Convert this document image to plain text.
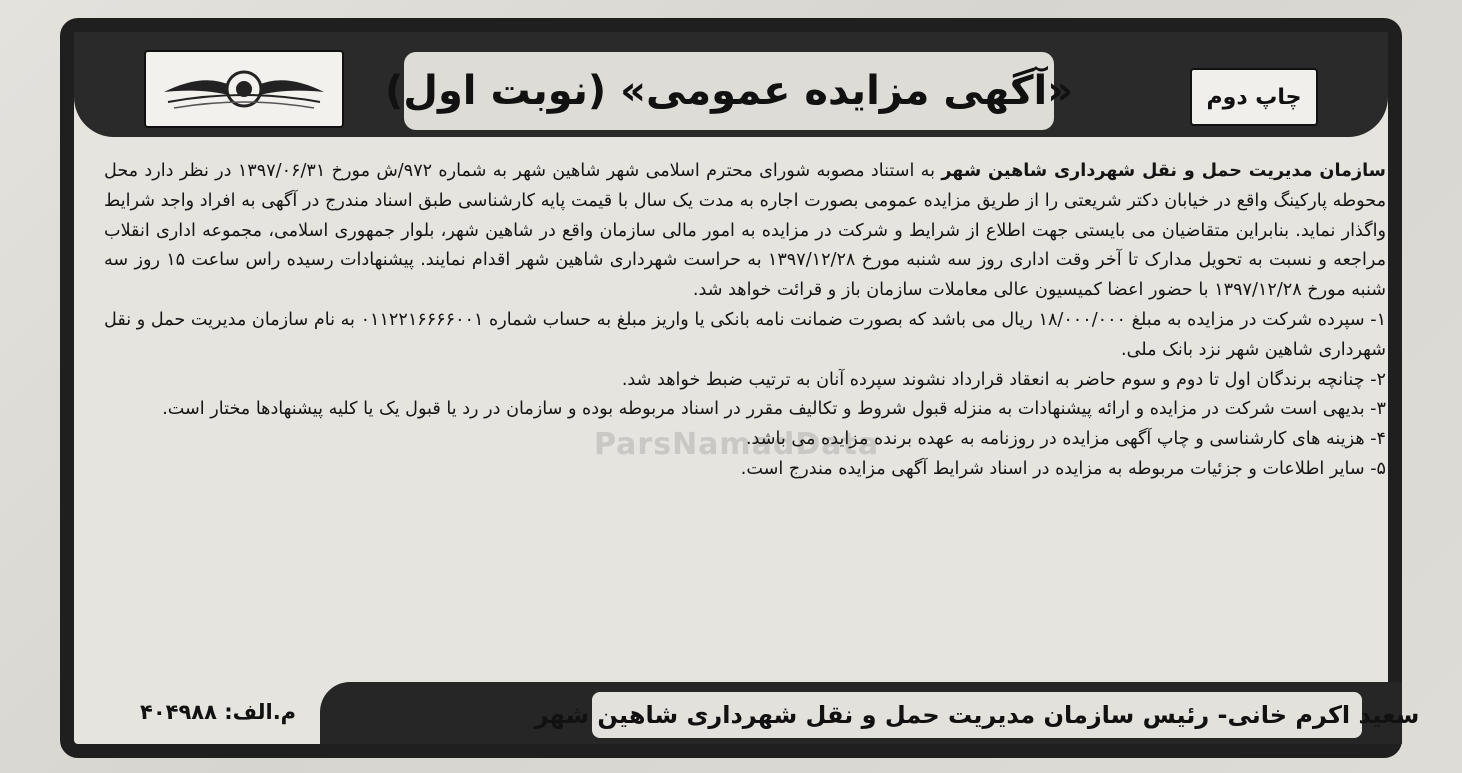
«آگهی مزایده عمومی» (نوبت اول)	چاپ دوم
ParsNamadData

سازمان مدیریت حمل و نقل شهرداری شاهین شهر به استناد مصوبه شورای محترم اسلامی شهر شاهین شهر به شماره ۹۷۲/ش مورخ ۱۳۹۷/۰۶/۳۱ در نظر دارد محل محوطه پارکینگ واقع در خیابان دکتر شریعتی را از طریق مزایده عمومی بصورت اجاره به مدت یک سال با قیمت پایه کارشناسی طبق اسناد مندرج در آگهی به افراد واجد شرایط واگذار نماید. بنابراین متقاضیان می بایستی جهت اطلاع از شرایط و شرکت در مزایده به امور مالی سازمان واقع در شاهین شهر، بلوار جمهوری اسلامی، مجموعه اداری انقلاب مراجعه و نسبت به تحویل مدارک تا آخر وقت اداری روز سه شنبه مورخ ۱۳۹۷/۱۲/۲۸ به حراست شهرداری شاهین شهر اقدام نمایند. پیشنهادات رسیده راس ساعت ۱۵ روز سه شنبه مورخ ۱۳۹۷/۱۲/۲۸ با حضور اعضا کمیسیون عالی معاملات سازمان باز و قرائت خواهد شد.

۱- سپرده شرکت در مزایده به مبلغ ۱۸/۰۰۰/۰۰۰ ریال می باشد که بصورت ضمانت نامه بانکی یا واریز مبلغ به حساب شماره ۰۱۱۲۲۱۶۶۶۶۰۰۱ به نام سازمان مدیریت حمل و نقل شهرداری شاهین شهر نزد بانک ملی.

۲- چنانچه برندگان اول تا دوم و سوم حاضر به انعقاد قرارداد نشوند سپرده آنان به ترتیب ضبط خواهد شد.

۳- بدیهی است شرکت در مزایده و ارائه پیشنهادات به منزله قبول شروط و تکالیف مقرر در اسناد مربوطه بوده و سازمان در رد یا قبول یک یا کلیه پیشنهادها مختار است.

۴- هزینه های کارشناسی و چاپ آگهی مزایده در روزنامه به عهده برنده مزایده می باشد.

۵- سایر اطلاعات و جزئیات مربوطه به مزایده در اسناد شرایط آگهی مزایده مندرج است.

م.الف: ۴۰۴۹۸۸	سعید اکرم خانی- رئیس سازمان مدیریت حمل و نقل شهرداری شاهین شهر
